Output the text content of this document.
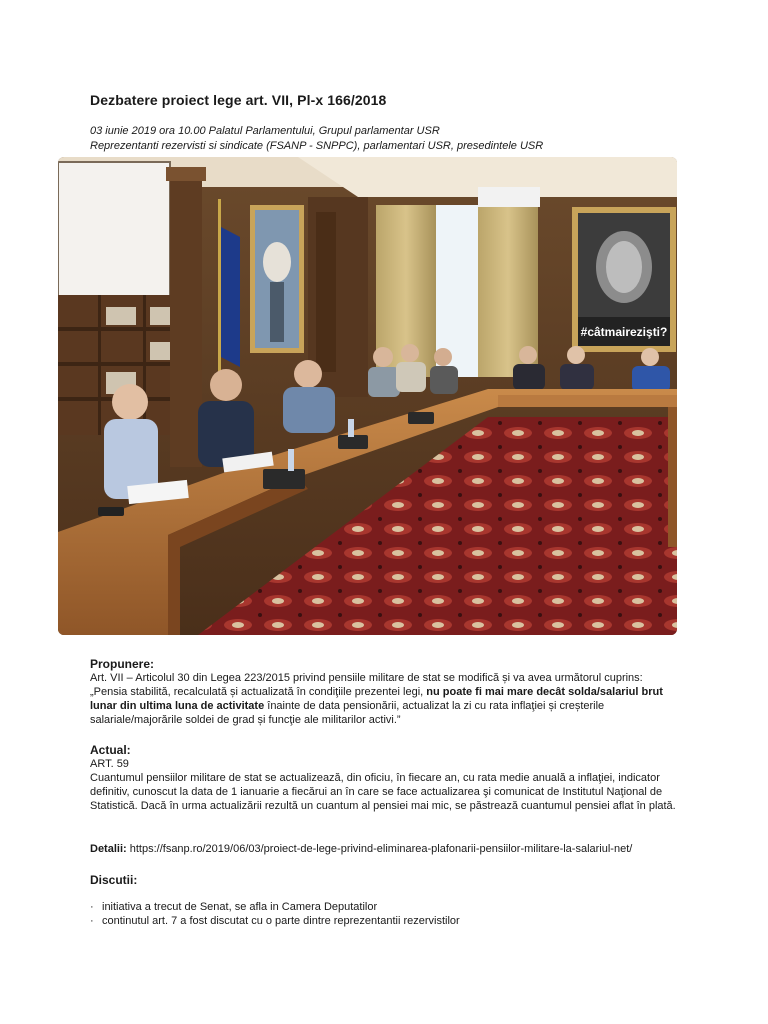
Dezbatere proiect lege art. VII, Pl-x 166/2018
03 iunie 2019 ora 10.00 Palatul Parlamentului, Grupul parlamentar USR
Reprezentanti rezervisti si sindicate (FSANP - SNPPC), parlamentari USR, presedintele USR
#câtmairezişti?
Propunere:
Art. VII – Articolul 30 din Legea 223/2015 privind pensiile militare de stat se modifică și va avea următorul cuprins:
„Pensia stabilită, recalculată și actualizată în condiţiile prezentei legi, nu poate fi mai mare decât solda/salariul brut lunar din ultima luna de activitate înainte de data pensionării, actualizat la zi cu rata inflaţiei și creșterile salariale/majorările soldei de grad și funcţie ale militarilor activi.”
Actual:
ART. 59
Cuantumul pensiilor militare de stat se actualizează, din oficiu, în fiecare an, cu rata medie anuală a inflaţiei, indicator definitiv, cunoscut la data de 1 ianuarie a fiecărui an în care se face actualizarea şi comunicat de Institutul Naţional de Statistică. Dacă în urma actualizării rezultă un cuantum al pensiei mai mic, se păstrează cuantumul pensiei aflat în plată.
Detalii: https://fsanp.ro/2019/06/03/proiect-de-lege-privind-eliminarea-plafonarii-pensiilor-militare-la-salariul-net/
Discutii:
· initiativa a trecut de Senat, se afla in Camera Deputatilor
· continutul art. 7 a fost discutat cu o parte dintre reprezentantii rezervistilor
